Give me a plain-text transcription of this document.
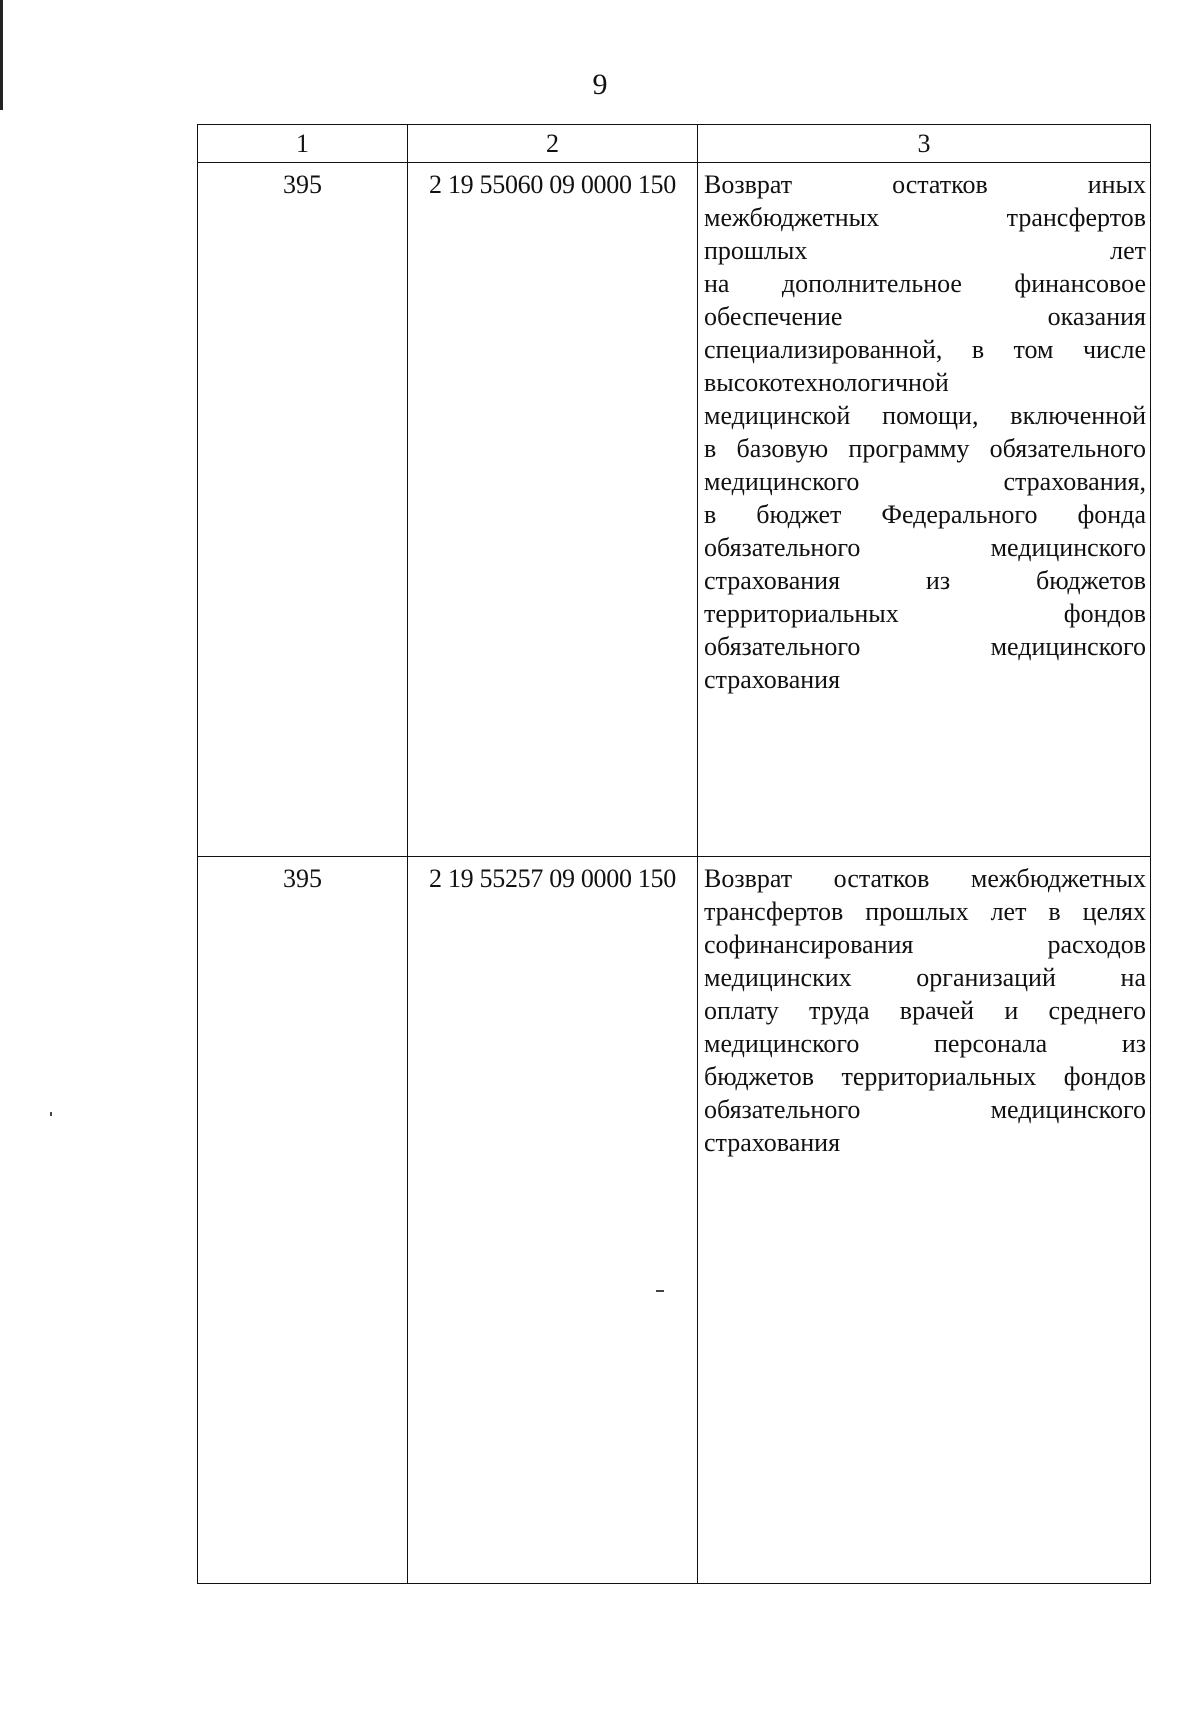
9
1	2	3
395	2 19 55060 09 0000 150	Возврат остатков иных
межбюджетных трансфертов
прошлых лет
на дополнительное финансовое
обеспечение оказания
специализированной, в том числе
высокотехнологичной
медицинской помощи, включенной
в базовую программу обязательного
медицинского страхования,
в бюджет Федерального фонда
обязательного медицинского
страхования из бюджетов
территориальных фондов
обязательного медицинского
страхования
395	2 19 55257 09 0000 150	Возврат остатков межбюджетных
трансфертов прошлых лет в целях
софинансирования расходов
медицинских организаций на
оплату труда врачей и среднего
медицинского персонала из
бюджетов территориальных фондов
обязательного медицинского
страхования
